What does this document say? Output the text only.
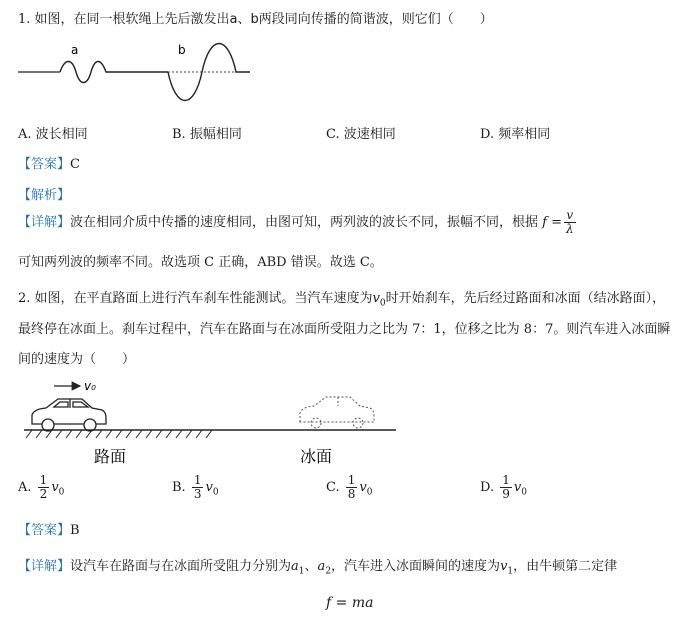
1. 如图，在同一根软绳上先后激发出a、b两段同向传播的简谐波，则它们（　　）
a	b
A. 波长相同	B. 振幅相同	C. 波速相同	D. 频率相同
【答案】C
【解析】
【详解】波在相同介质中传播的速度相同，由图可知，两列波的波长不同，振幅不同，根据 $f = \frac{v}{\lambda}$
可知两列波的频率不同。故选项 C 正确，ABD 错误。故选 C。
2. 如图，在平直路面上进行汽车刹车性能测试。当汽车速度为$v_0$时开始刹车，先后经过路面和冰面（结冰路面），
最终停在冰面上。刹车过程中，汽车在路面与在冰面所受阻力之比为 7：1，位移之比为 8：7。则汽车进入冰面瞬
间的速度为（　　）
v₀
路面	冰面
A. $\frac{1}{2} v_0$	B. $\frac{1}{3} v_0$	C. $\frac{1}{8} v_0$	D. $\frac{1}{9} v_0$
【答案】B
【详解】设汽车在路面与在冰面所受阻力分别为$a_1$、$a_2$，汽车进入冰面瞬间的速度为$v_1$，由牛顿第二定律
f = ma
